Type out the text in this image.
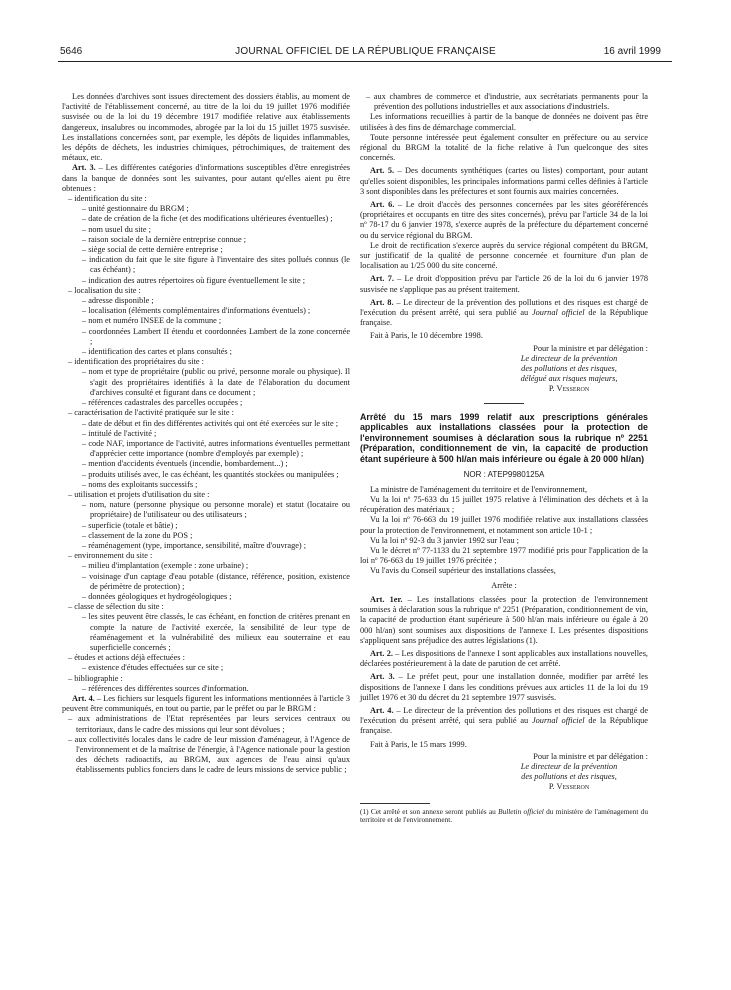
5646	JOURNAL OFFICIEL DE LA RÉPUBLIQUE FRANÇAISE	16 avril 1999

Les données d'archives sont issues directement des dossiers établis, au moment de l'activité de l'établissement concerné, au titre de la loi du 19 juillet 1976 modifiée susvisée ou de la loi du 19 décembre 1917 modifiée relative aux établissements dangereux, insalubres ou incommodes, abrogée par la loi du 15 juillet 1975 susvisée. Les installations concernées sont, par exemple, les dépôts de liquides inflammables, les dépôts de déchets, les industries chimiques, pétrochimiques, de traitement des métaux, etc.

Art. 3. – Les différentes catégories d'informations susceptibles d'être enregistrées dans la banque de données sont les suivantes, pour autant qu'elles aient pu être obtenues :

– identification du site :

– unité gestionnaire du BRGM ;

– date de création de la fiche (et des modifications ultérieures éventuelles) ;

– nom usuel du site ;

– raison sociale de la dernière entreprise connue ;

– siège social de cette dernière entreprise ;

– indication du fait que le site figure à l'inventaire des sites pollués connus (le cas échéant) ;

– indication des autres répertoires où figure éventuellement le site ;

– localisation du site :

– adresse disponible ;

– localisation (éléments complémentaires d'informations éventuels) ;

– nom et numéro INSEE de la commune ;

– coordonnées Lambert II étendu et coordonnées Lambert de la zone concernée ;

– identification des cartes et plans consultés ;

– identification des propriétaires du site :

– nom et type de propriétaire (public ou privé, personne morale ou physique). Il s'agit des propriétaires identifiés à la date de l'élaboration du document d'archives consulté et figurant dans ce document ;

– références cadastrales des parcelles occupées ;

– caractérisation de l'activité pratiquée sur le site :

– date de début et fin des différentes activités qui ont été exercées sur le site ;

– intitulé de l'activité ;

– code NAF, importance de l'activité, autres informations éventuelles permettant d'apprécier cette importance (nombre d'employés par exemple) ;

– mention d'accidents éventuels (incendie, bombardement...) ;

– produits utilisés avec, le cas échéant, les quantités stockées ou manipulées ;

– noms des exploitants successifs ;

– utilisation et projets d'utilisation du site :

– nom, nature (personne physique ou personne morale) et statut (locataire ou propriétaire) de l'utilisateur ou des utilisateurs ;

– superficie (totale et bâtie) ;

– classement de la zone du POS ;

– réaménagement (type, importance, sensibilité, maître d'ouvrage) ;

– environnement du site :

– milieu d'implantation (exemple : zone urbaine) ;

– voisinage d'un captage d'eau potable (distance, référence, position, existence de périmètre de protection) ;

– données géologiques et hydrogéologiques ;

– classe de sélection du site :

– les sites peuvent être classés, le cas échéant, en fonction de critères prenant en compte la nature de l'activité exercée, la sensibilité de leur type de réaménagement et la vulnérabilité des milieux eau souterraine et eau superficielle concernés ;

– études et actions déjà effectuées :

– existence d'études effectuées sur ce site ;

– bibliographie :

– références des différentes sources d'information.

Art. 4. – Les fichiers sur lesquels figurent les informations mentionnées à l'article 3 peuvent être communiqués, en tout ou partie, par le préfet ou par le BRGM :

– aux administrations de l'Etat représentées par leurs services centraux ou territoriaux, dans le cadre des missions qui leur sont dévolues ;

– aux collectivités locales dans le cadre de leur mission d'aménageur, à l'Agence de l'environnement et de la maîtrise de l'énergie, à l'Agence nationale pour la gestion des déchets radioactifs, au BRGM, aux agences de l'eau ainsi qu'aux établissements publics fonciers dans le cadre de leurs missions de service public ;

– aux chambres de commerce et d'industrie, aux secrétariats permanents pour la prévention des pollutions industrielles et aux associations d'industriels.

Les informations recueillies à partir de la banque de données ne doivent pas être utilisées à des fins de démarchage commercial.

Toute personne intéressée peut également consulter en préfecture ou au service régional du BRGM la totalité de la fiche relative à l'un quelconque des sites concernés.

Art. 5. – Des documents synthétiques (cartes ou listes) comportant, pour autant qu'elles soient disponibles, les principales informations parmi celles définies à l'article 3 sont disponibles dans les préfectures et sont fournis aux mairies concernées.

Art. 6. – Le droit d'accès des personnes concernées par les sites géoréférencés (propriétaires et occupants en titre des sites concernés), prévu par l'article 34 de la loi nº 78-17 du 6 janvier 1978, s'exerce auprès de la préfecture du département concerné ou du service régional du BRGM.

Le droit de rectification s'exerce auprès du service régional compétent du BRGM, sur justificatif de la qualité de personne concernée et fourniture d'un plan de localisation au 1/25 000 du site concerné.

Art. 7. – Le droit d'opposition prévu par l'article 26 de la loi du 6 janvier 1978 susvisée ne s'applique pas au présent traitement.

Art. 8. – Le directeur de la prévention des pollutions et des risques est chargé de l'exécution du présent arrêté, qui sera publié au Journal officiel de la République française.

Fait à Paris, le 10 décembre 1998.

Pour la ministre et par délégation :
Le directeur de la prévention
des pollutions et des risques,
délégué aux risques majeurs,
P. Vesseron

Arrêté du 15 mars 1999 relatif aux prescriptions générales applicables aux installations classées pour la protection de l'environnement soumises à déclaration sous la rubrique nº 2251 (Préparation, conditionnement de vin, la capacité de production étant supérieure à 500 hl/an mais inférieure ou égale à 20 000 hl/an)

NOR : ATEP9980125A

La ministre de l'aménagement du territoire et de l'environnement,

Vu la loi nº 75-633 du 15 juillet 1975 relative à l'élimination des déchets et à la récupération des matériaux ;

Vu la loi nº 76-663 du 19 juillet 1976 modifiée relative aux installations classées pour la protection de l'environnement, et notamment son article 10-1 ;

Vu la loi nº 92-3 du 3 janvier 1992 sur l'eau ;

Vu le décret nº 77-1133 du 21 septembre 1977 modifié pris pour l'application de la loi nº 76-663 du 19 juillet 1976 précitée ;

Vu l'avis du Conseil supérieur des installations classées,

Arrête :

Art. 1er. – Les installations classées pour la protection de l'environnement soumises à déclaration sous la rubrique nº 2251 (Préparation, conditionnement de vin, la capacité de production étant supérieure à 500 hl/an mais inférieure ou égale à 20 000 hl/an) sont soumises aux dispositions de l'annexe I. Les présentes dispositions s'appliquent sans préjudice des autres législations (1).

Art. 2. – Les dispositions de l'annexe I sont applicables aux installations nouvelles, déclarées postérieurement à la date de parution de cet arrêté.

Art. 3. – Le préfet peut, pour une installation donnée, modifier par arrêté les dispositions de l'annexe I dans les conditions prévues aux articles 11 de la loi du 19 juillet 1976 et 30 du décret du 21 septembre 1977 susvisés.

Art. 4. – Le directeur de la prévention des pollutions et des risques est chargé de l'exécution du présent arrêté, qui sera publié au Journal officiel de la République française.

Fait à Paris, le 15 mars 1999.

Pour la ministre et par délégation :
Le directeur de la prévention
des pollutions et des risques,
P. Vesseron

(1) Cet arrêté et son annexe seront publiés au Bulletin officiel du ministère de l'aménagement du territoire et de l'environnement.
